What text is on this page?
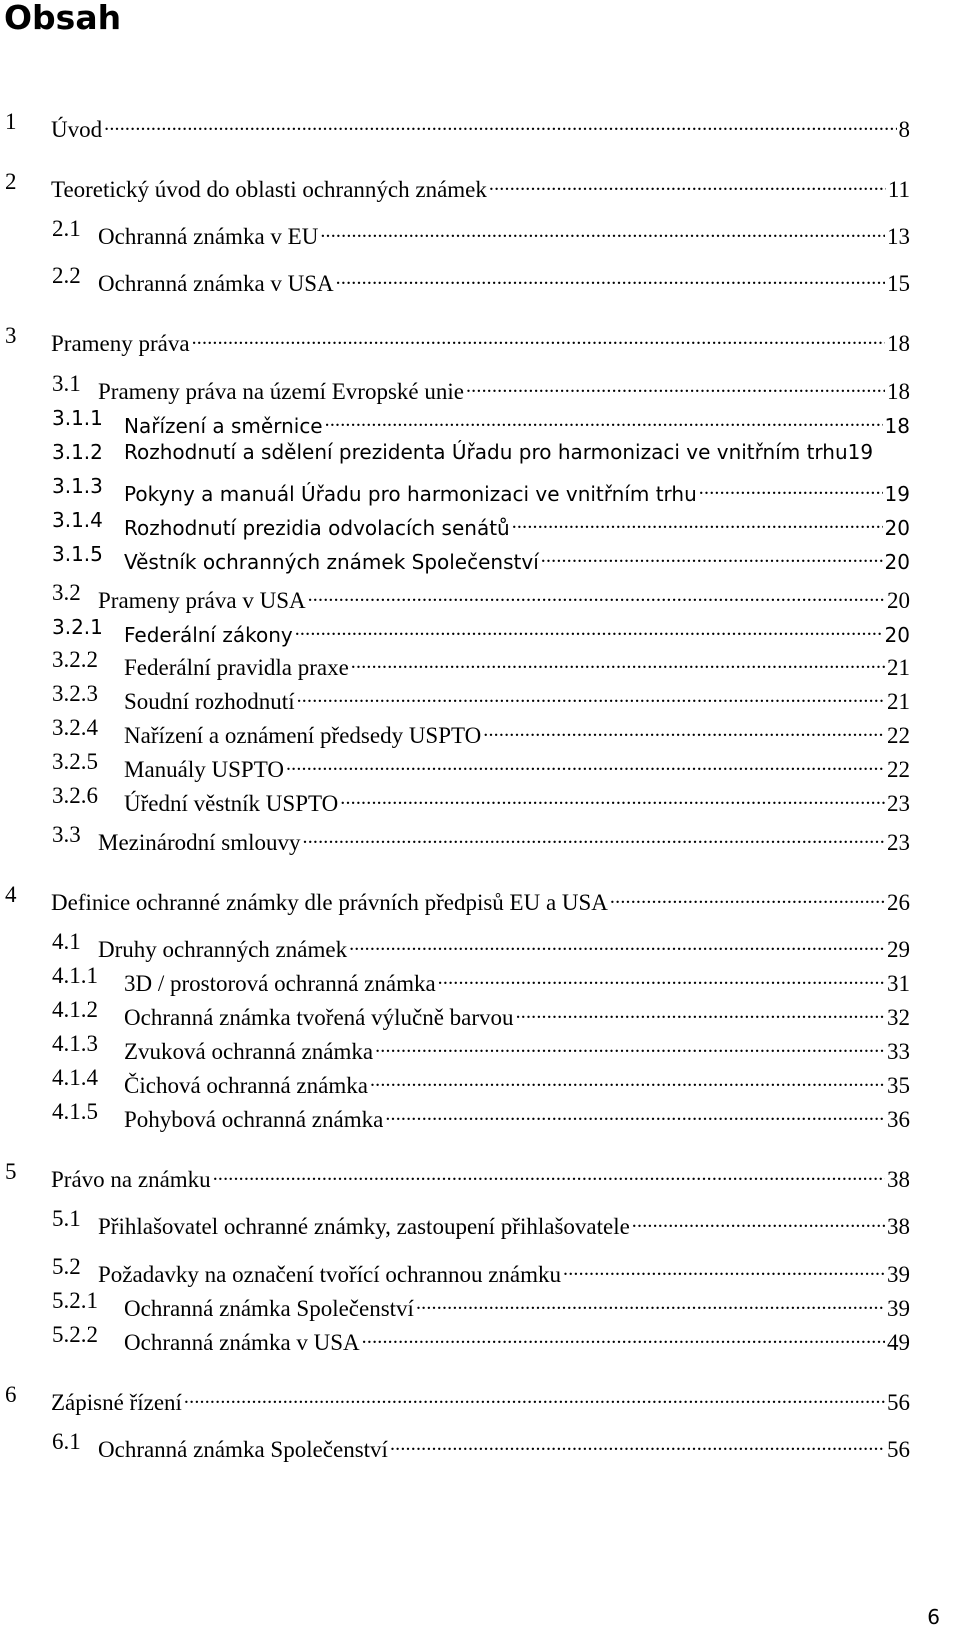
Obsah
1 Úvod .....	8
2 Teoretický úvod do oblasti ochranných známek .....	11
2.1 Ochranná známka v EU .....	13
2.2 Ochranná známka v USA .....	15
3 Prameny práva .....	18
3.1 Prameny práva na území Evropské unie .....	18
3.1.1 Nařízení a směrnice .....	18
3.1.2 Rozhodnutí a sdělení prezidenta Úřadu pro harmonizaci ve vnitřním trhu 19
3.1.3 Pokyny a manuál Úřadu pro harmonizaci ve vnitřním trhu .....	19
3.1.4 Rozhodnutí prezidia odvolacích senátů .....	20
3.1.5 Věstník ochranných známek Společenství .....	20
3.2 Prameny práva v USA .....	20
3.2.1 Federální zákony .....	20
3.2.2 Federální pravidla praxe .....	21
3.2.3 Soudní rozhodnutí .....	21
3.2.4 Nařízení a oznámení předsedy USPTO .....	22
3.2.5 Manuály USPTO .....	22
3.2.6 Úřední věstník USPTO .....	23
3.3 Mezinárodní smlouvy .....	23
4 Definice ochranné známky dle právních předpisů EU a USA .....	26
4.1 Druhy ochranných známek .....	29
4.1.1 3D / prostorová ochranná známka .....	31
4.1.2 Ochranná známka tvořená výlučně barvou .....	32
4.1.3 Zvuková ochranná známka .....	33
4.1.4 Čichová ochranná známka .....	35
4.1.5 Pohybová ochranná známka .....	36
5 Právo na známku .....	38
5.1 Přihlašovatel ochranné známky, zastoupení přihlašovatele .....	38
5.2 Požadavky na označení tvořící ochrannou známku .....	39
5.2.1 Ochranná známka Společenství .....	39
5.2.2 Ochranná známka v USA .....	49
6 Zápisné řízení .....	56
6.1 Ochranná známka Společenství .....	56
6
